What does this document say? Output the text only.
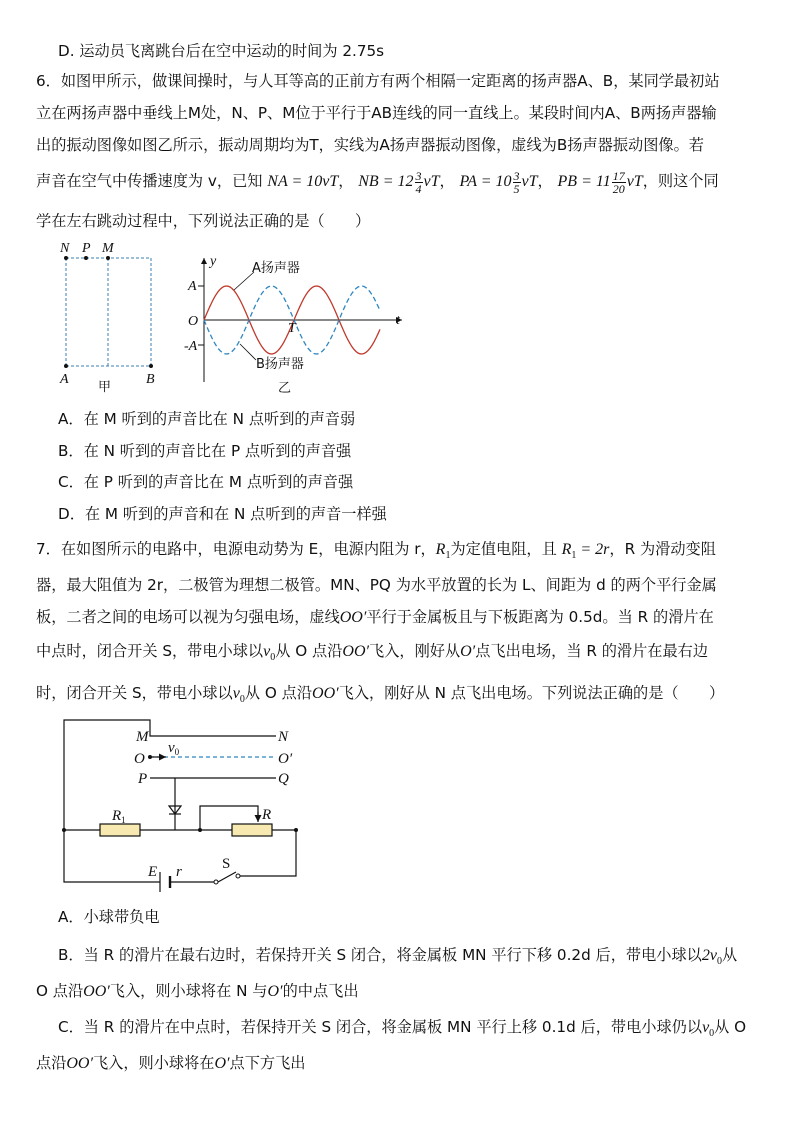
D. 运动员飞离跳台后在空中运动的时间为 2.75s
6．如图甲所示，做课间操时，与人耳等高的正前方有两个相隔一定距离的扬声器A、B，某同学最初站
立在两扬声器中垂线上M处，N、P、M位于平行于AB连线的同一直线上。某段时间内A、B两扬声器输
出的振动图像如图乙所示，振动周期均为T，实线为A扬声器振动图像，虚线为B扬声器振动图像。若
声音在空气中传播速度为 v，已知 NA = 10vT， NB = $12 \frac{3}{4}$ vT， PA = $10 \frac{3}{5}$ vT， PB = $11 \frac{17}{20}$ vT，则这个同
学在左右跳动过程中，下列说法正确的是（　　）
N P M
A	B
甲
y
t
A
-A
O	T
A扬声器
B扬声器
乙
A．在 M 听到的声音比在 N 点听到的声音弱
B．在 N 听到的声音比在 P 点听到的声音强
C．在 P 听到的声音比在 M 点听到的声音强
D．在 M 听到的声音和在 N 点听到的声音一样强
7．在如图所示的电路中，电源电动势为 E，电源内阻为 r，$R_1$为定值电阻，且 $R_1 = 2r$，R 为滑动变阻
器，最大阻值为 2r，二极管为理想二极管。MN、PQ 为水平放置的长为 L、间距为 d 的两个平行金属
板，二者之间的电场可以视为匀强电场，虚线OO′平行于金属板且与下板距离为 0.5d。当 R 的滑片在
中点时，闭合开关 S，带电小球以$v_0$从 O 点沿OO′飞入，刚好从O′点飞出电场，当 R 的滑片在最右边
时，闭合开关 S，带电小球以$v_0$从 O 点沿OO′飞入，刚好从 N 点飞出电场。下列说法正确的是（　　）
M	N
O	O′
P	Q
$v_0$
$R_1$	R
E r	S
A．小球带负电
B．当 R 的滑片在最右边时，若保持开关 S 闭合，将金属板 MN 平行下移 0.2d 后，带电小球以$2v_0$从
O 点沿OO′飞入，则小球将在 N 与O′的中点飞出
C．当 R 的滑片在中点时，若保持开关 S 闭合，将金属板 MN 平行上移 0.1d 后，带电小球仍以$v_0$从 O
点沿OO′飞入，则小球将在O′点下方飞出
